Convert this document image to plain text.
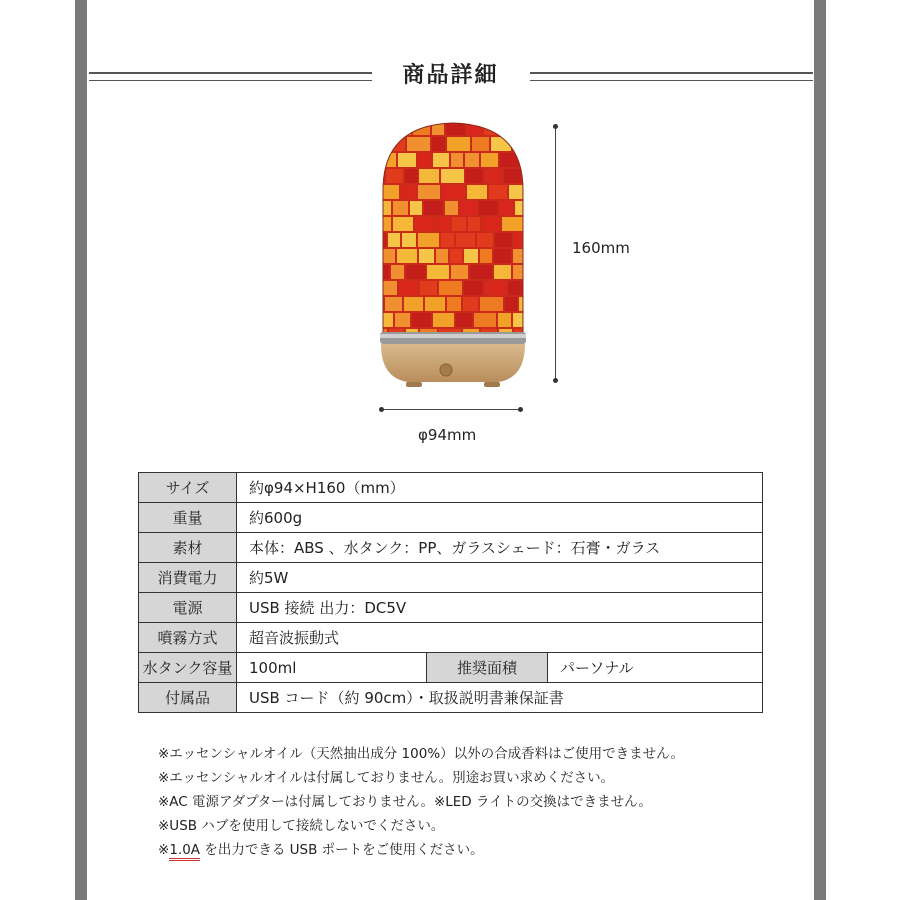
商品詳細
160mm
φ94mm
サイズ	約φ94×H160（mm）		
重量	約600g		
素材	本体：ABS 、水タンク：PP、ガラスシェード：石膏・ガラス		
消費電力	約5W		
電源	USB 接続 出力：DC5V		
噴霧方式	超音波振動式		
水タンク容量	100ml	推奨面積	パーソナル
付属品	USB コード（約 90cm）・取扱説明書兼保証書		
※エッセンシャルオイル（天然抽出成分 100%）以外の合成香料はご使用できません。
※エッセンシャルオイルは付属しておりません。別途お買い求めください。
※AC 電源アダプターは付属しておりません。※LED ライトの交換はできません。
※USB ハブを使用して接続しないでください。
※1.0A を出力できる USB ポートをご使用ください。
